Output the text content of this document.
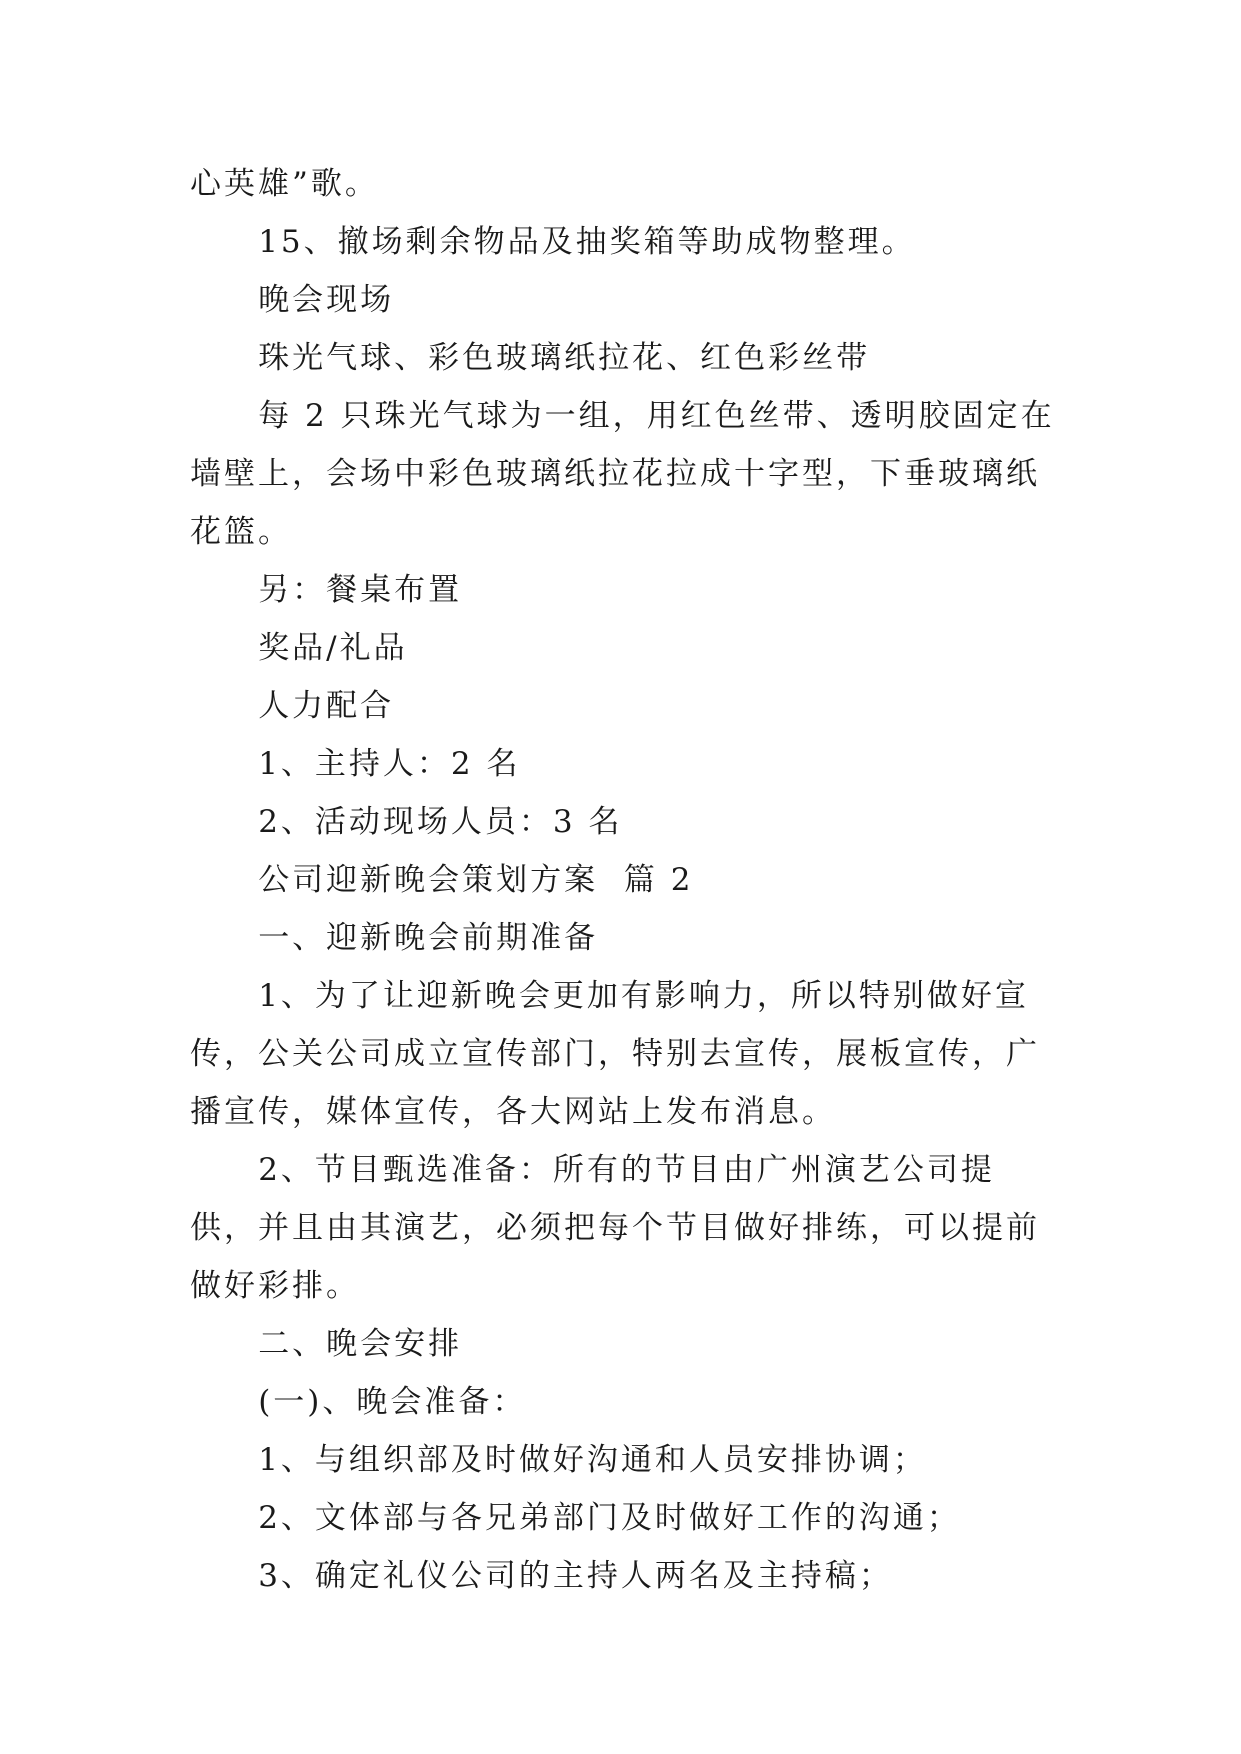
心英雄”歌。

15、撤场剩余物品及抽奖箱等助成物整理。

晚会现场

珠光气球、彩色玻璃纸拉花、红色彩丝带

每 2 只珠光气球为一组，用红色丝带、透明胶固定在墙壁上，会场中彩色玻璃纸拉花拉成十字型，下垂玻璃纸花篮。

另：餐桌布置

奖品/礼品

人力配合

1、主持人：2 名

2、活动现场人员：3 名

公司迎新晚会策划方案  篇 2

一、迎新晚会前期准备

1、为了让迎新晚会更加有影响力，所以特别做好宣传，公关公司成立宣传部门，特别去宣传，展板宣传，广播宣传，媒体宣传，各大网站上发布消息。

2、节目甄选准备：所有的节目由广州演艺公司提供，并且由其演艺，必须把每个节目做好排练，可以提前做好彩排。

二、晚会安排

(一)、晚会准备：

1、与组织部及时做好沟通和人员安排协调；

2、文体部与各兄弟部门及时做好工作的沟通；

3、确定礼仪公司的主持人两名及主持稿；
